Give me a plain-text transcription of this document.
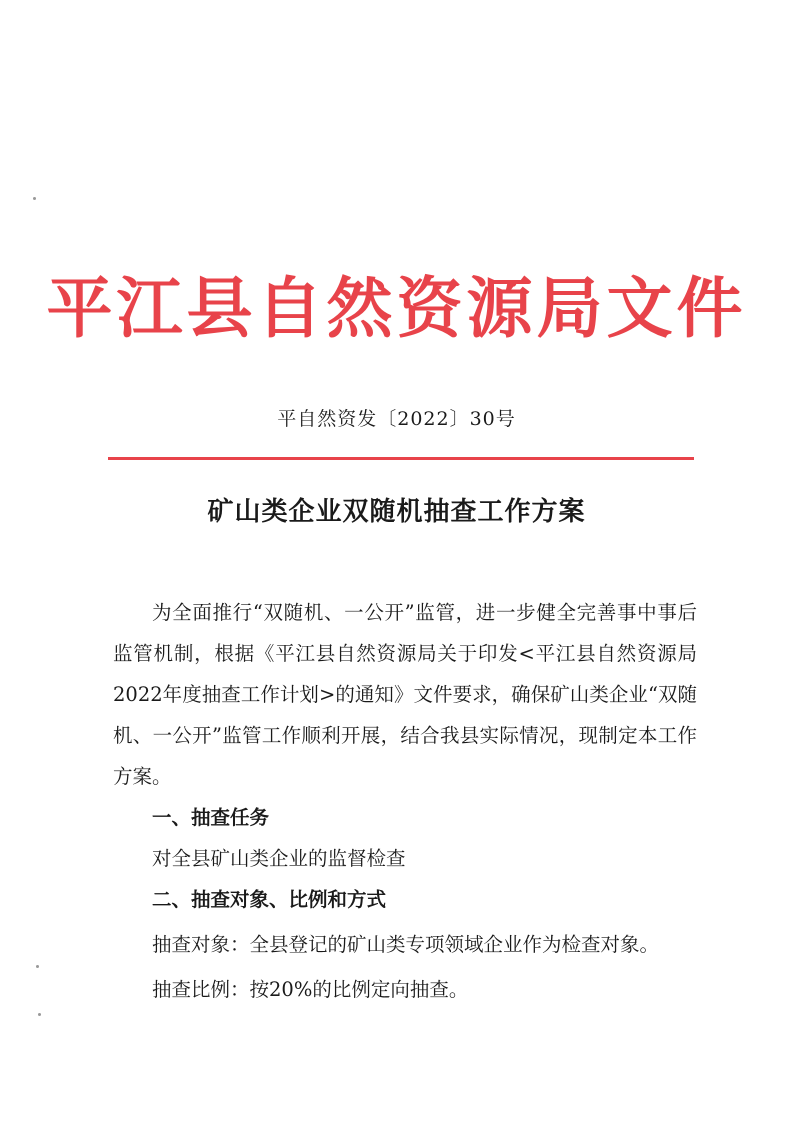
平江县自然资源局文件
平自然资发〔2022〕30号
矿山类企业双随机抽查工作方案

为全面推行“双随机、一公开”监管，进一步健全完善事中事后监管机制，根据《平江县自然资源局关于印发<平江县自然资源局2022年度抽查工作计划>的通知》文件要求，确保矿山类企业“双随机、一公开”监管工作顺利开展，结合我县实际情况，现制定本工作方案。

一、抽查任务

对全县矿山类企业的监督检查

二、抽查对象、比例和方式

抽查对象：全县登记的矿山类专项领域企业作为检查对象。

抽查比例：按20%的比例定向抽查。
